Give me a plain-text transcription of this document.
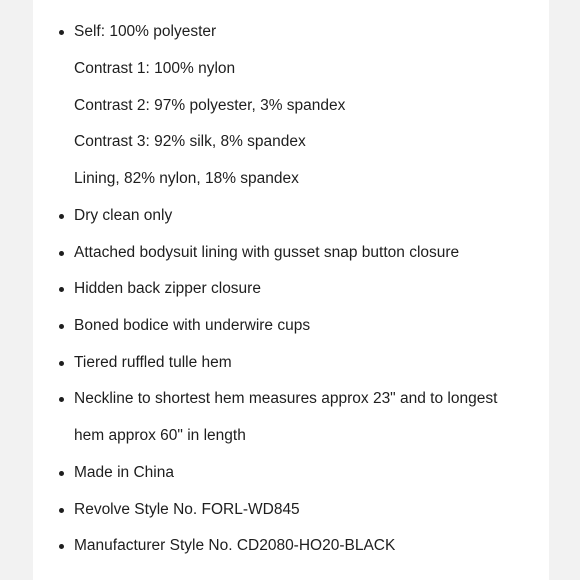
Self: 100% polyester
Contrast 1: 100% nylon
Contrast 2: 97% polyester, 3% spandex
Contrast 3: 92% silk, 8% spandex
Lining, 82% nylon, 18% spandex
Dry clean only
Attached bodysuit lining with gusset snap button closure
Hidden back zipper closure
Boned bodice with underwire cups
Tiered ruffled tulle hem
Neckline to shortest hem measures approx 23" and to longest
hem approx 60" in length
Made in China
Revolve Style No. FORL-WD845
Manufacturer Style No. CD2080-HO20-BLACK
